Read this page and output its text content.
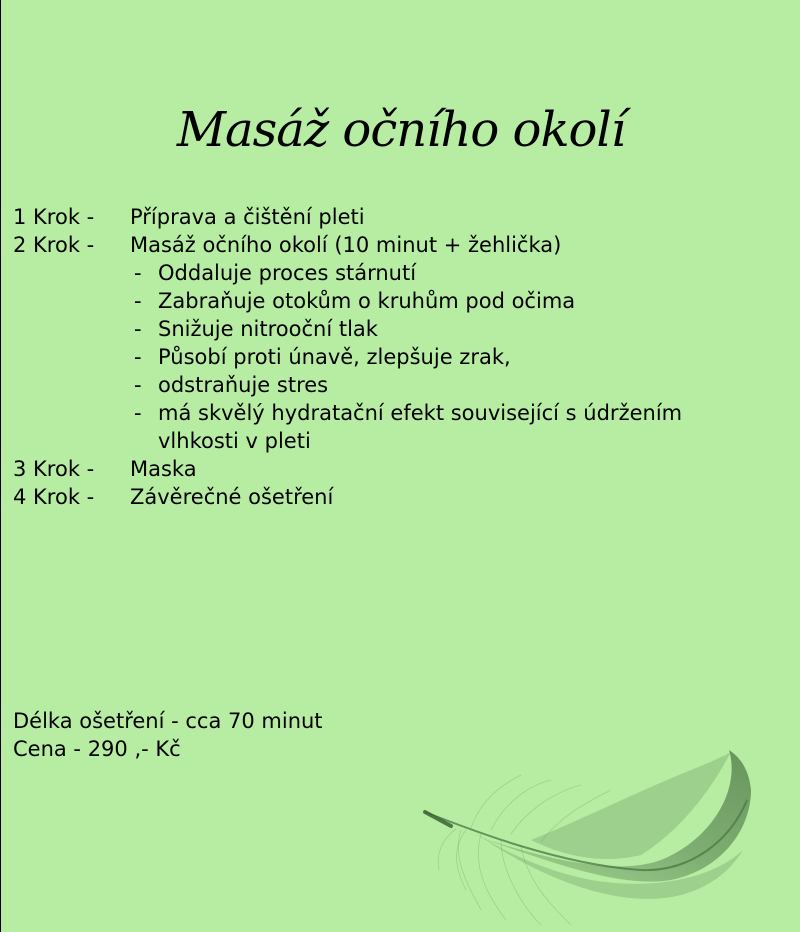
Masáž očního okolí
1 Krok -	Příprava a čištění pleti
2 Krok -	Masáž očního okolí (10 minut + žehlička)
- Oddaluje proces stárnutí
- Zabraňuje otokům o kruhům pod očima
- Snižuje nitrooční tlak
- Působí proti únavě, zlepšuje zrak,
- odstraňuje stres
- má skvělý hydratační efekt související s údržením
vlhkosti v pleti
3 Krok -	Maska
4 Krok -	Závěrečné ošetření
Délka ošetření - cca 70 minut
Cena - 290 ,- Kč
